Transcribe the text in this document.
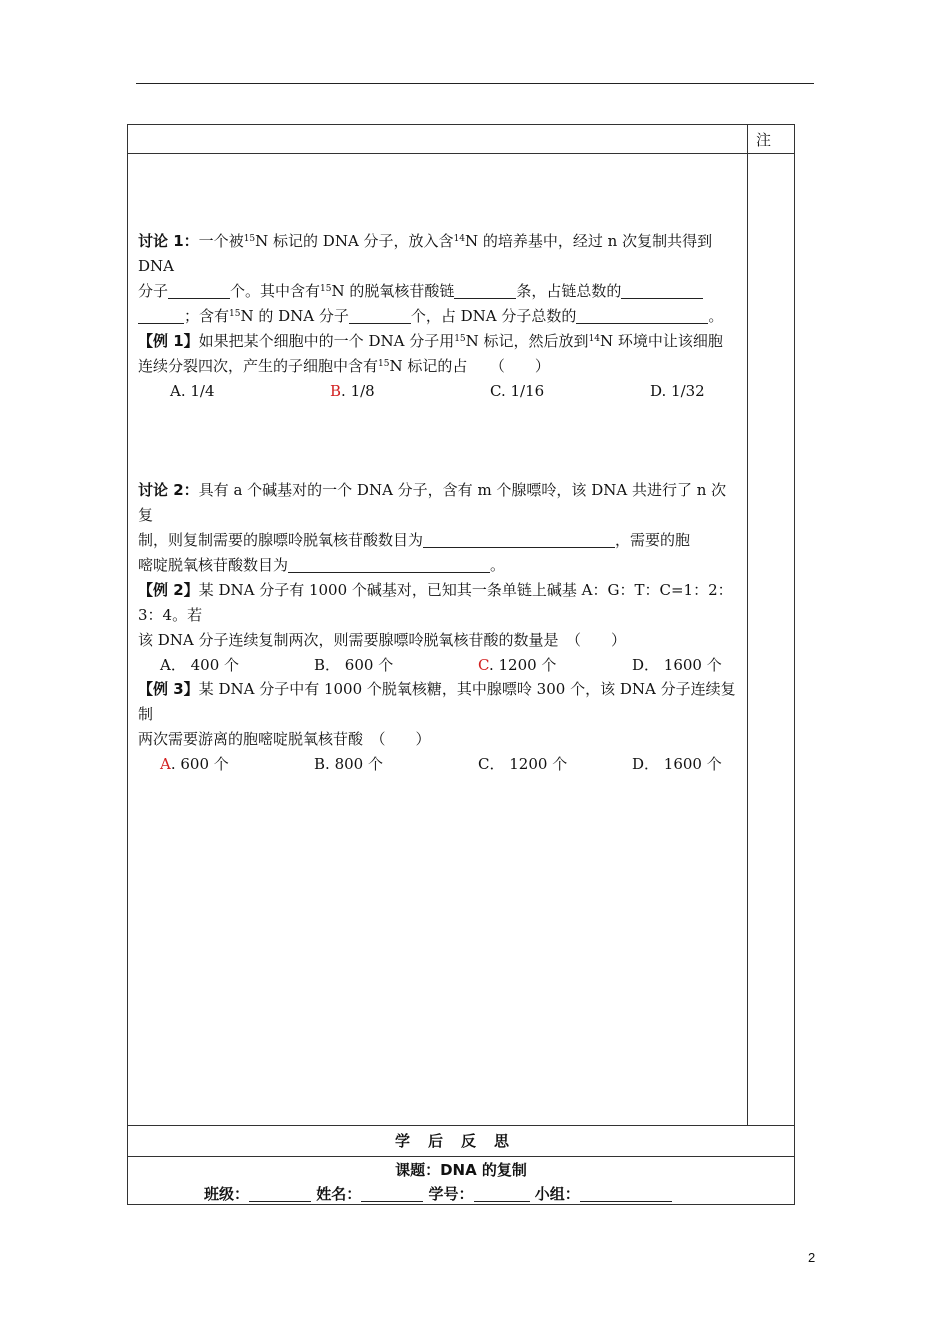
注
讨论 1：一个被$^{15}$N 标记的 DNA 分子，放入含$^{14}$N 的培养基中，经过 n 次复制共得到 DNA
分子	个。其中含有$^{15}$N 的脱氧核苷酸链	条，占链总数的
；含有$^{15}$N 的 DNA 分子	个，占 DNA 分子总数的	。
【例 1】如果把某个细胞中的一个 DNA 分子用$^{15}$N 标记，然后放到$^{14}$N 环境中让该细胞
连续分裂四次，产生的子细胞中含有$^{15}$N 标记的占　　（　　）
A. 1/4	B. 1/8	C. 1/16	D. 1/32
讨论 2：具有 a 个碱基对的一个 DNA 分子，含有 m 个腺嘌呤，该 DNA 共进行了 n 次复
制，则复制需要的腺嘌呤脱氧核苷酸数目为	，需要的胞
嘧啶脱氧核苷酸数目为	。
【例 2】某 DNA 分子有 1000 个碱基对，已知其一条单链上碱基 A：G：T：C=1：2：3：4。若
该 DNA 分子连续复制两次，则需要腺嘌呤脱氧核苷酸的数量是　（　　）
A． 400 个	B． 600 个	C. 1200 个	D． 1600 个
【例 3】某 DNA 分子中有 1000 个脱氧核糖，其中腺嘌呤 300 个，该 DNA 分子连续复制
两次需要游离的胞嘧啶脱氧核苷酸　（　　）
A. 600 个	B. 800 个	C． 1200 个	D． 1600 个
学后反思
课题：DNA 的复制
班级：	姓名：	学号：	小组：
2
